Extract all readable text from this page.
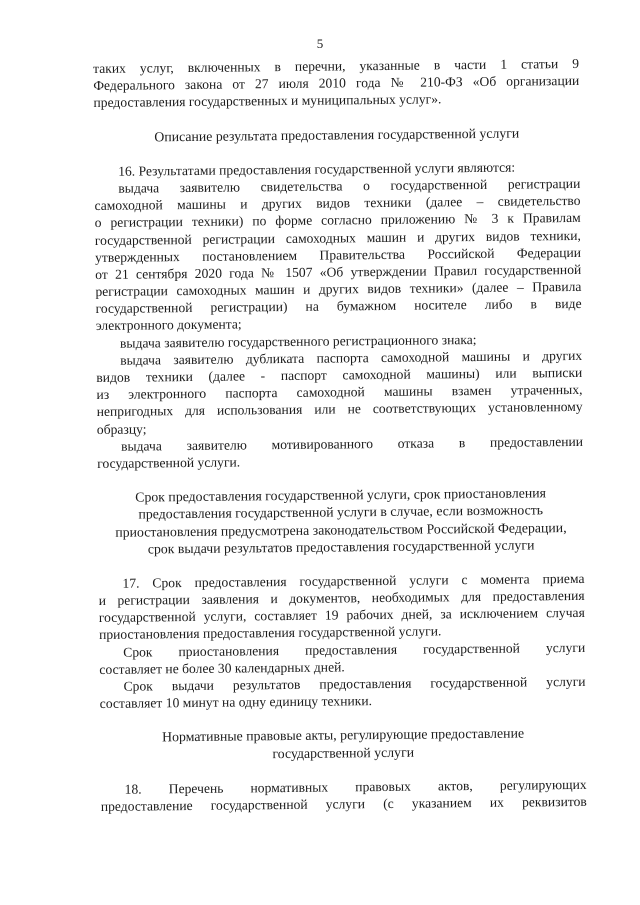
5
таких услуг, включенных в перечни, указанные в части 1 статьи 9
Федерального закона от 27 июля 2010 года № 210-ФЗ «Об организации
предоставления государственных и муниципальных услуг».
Описание результата предоставления государственной услуги
16. Результатами предоставления государственной услуги являются:
выдача заявителю свидетельства о государственной регистрации
самоходной машины и других видов техники (далее – свидетельство
о регистрации техники) по форме согласно приложению № 3 к Правилам
государственной регистрации самоходных машин и других видов техники,
утвержденных постановлением Правительства Российской Федерации
от 21 сентября 2020 года № 1507 «Об утверждении Правил государственной
регистрации самоходных машин и других видов техники» (далее – Правила
государственной регистрации) на бумажном носителе либо в виде
электронного документа;
выдача заявителю государственного регистрационного знака;
выдача заявителю дубликата паспорта самоходной машины и других
видов техники (далее - паспорт самоходной машины) или выписки
из электронного паспорта самоходной машины взамен утраченных,
непригодных для использования или не соответствующих установленному
образцу;
выдача заявителю мотивированного отказа в предоставлении
государственной услуги.
Срок предоставления государственной услуги, срок приостановления
предоставления государственной услуги в случае, если возможность
приостановления предусмотрена законодательством Российской Федерации,
срок выдачи результатов предоставления государственной услуги
17. Срок предоставления государственной услуги с момента приема
и регистрации заявления и документов, необходимых для предоставления
государственной услуги, составляет 19 рабочих дней, за исключением случая
приостановления предоставления государственной услуги.
Срок приостановления предоставления государственной услуги
составляет не более 30 календарных дней.
Срок выдачи результатов предоставления государственной услуги
составляет 10 минут на одну единицу техники.
Нормативные правовые акты, регулирующие предоставление
государственной услуги
18. Перечень нормативных правовых актов, регулирующих
предоставление государственной услуги (с указанием их реквизитов
